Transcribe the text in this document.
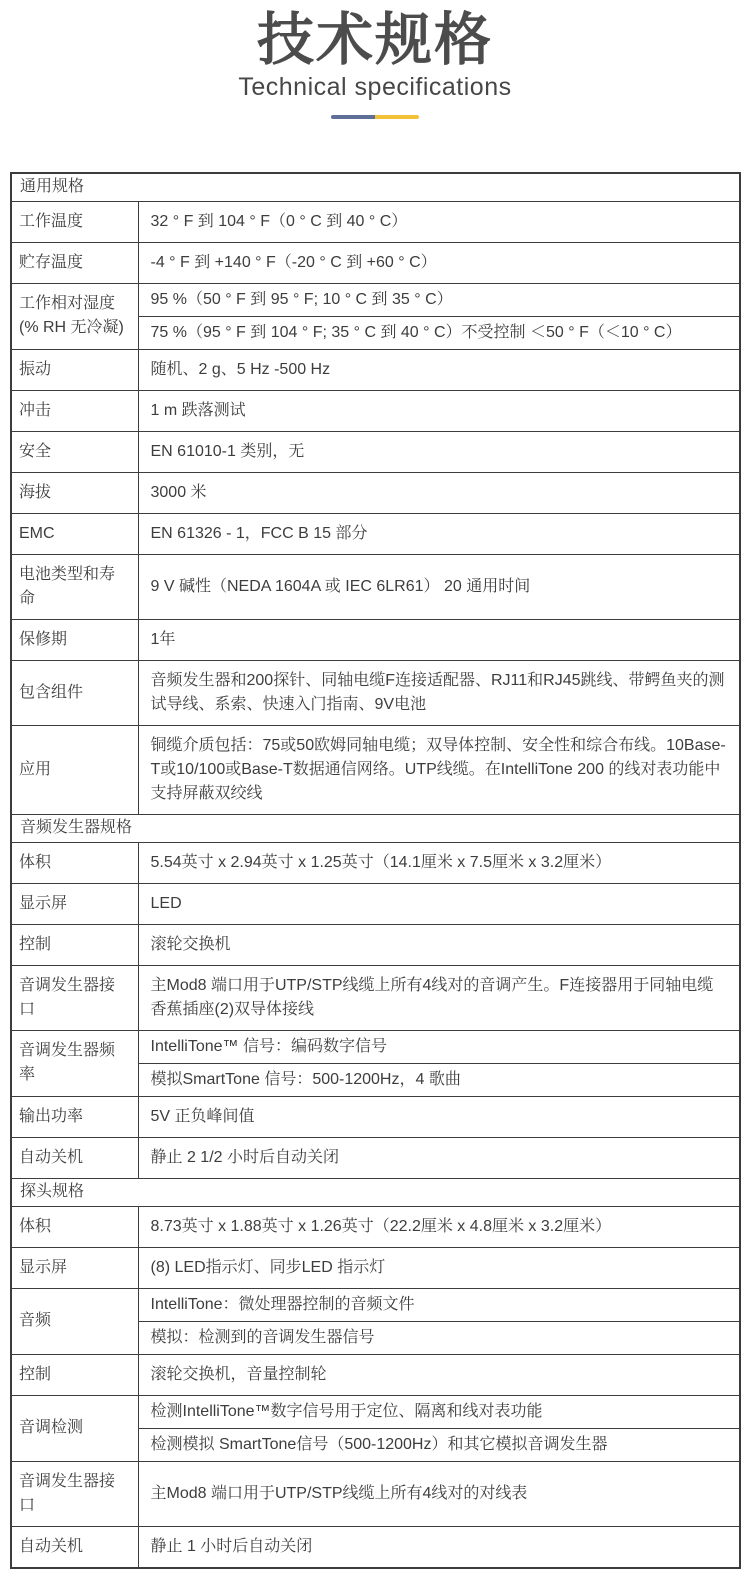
技术规格
Technical specifications
通用规格	
工作温度	32 ° F 到 104 ° F（0 ° C 到 40 ° C）
贮存温度	-4 ° F 到 +140 ° F（-20 ° C 到 +60 ° C）
工作相对湿度 (% RH 无冷凝)	95 %（50 ° F 到 95 ° F; 10 ° C 到 35 ° C）
	75 %（95 ° F 到 104 ° F; 35 ° C 到 40 ° C）不受控制 ＜50 ° F（＜10 ° C）
振动	随机、2 g、5 Hz -500 Hz
冲击	1 m 跌落测试
安全	EN 61010-1 类别，无
海拔	3000 米
EMC	EN 61326 - 1，FCC B 15 部分
电池类型和寿命	9 V 碱性（NEDA 1604A 或 IEC 6LR61） 20 通用时间
保修期	1年
包含组件	音频发生器和200探针、同轴电缆F连接适配器、RJ11和RJ45跳线、带鳄鱼夹的测试导线、系索、快速入门指南、9V电池
应用	铜缆介质包括：75或50欧姆同轴电缆；双导体控制、安全性和综合布线。10Base-T或10/100或Base-T数据通信网络。UTP线缆。在IntelliTone 200 的线对表功能中支持屏蔽双绞线
音频发生器规格	
体积	5.54英寸 x 2.94英寸 x 1.25英寸（14.1厘米 x 7.5厘米 x 3.2厘米）
显示屏	LED
控制	滚轮交换机
音调发生器接口	主Mod8 端口用于UTP/STP线缆上所有4线对的音调产生。F连接器用于同轴电缆香蕉插座(2)双导体接线
音调发生器频率	IntelliTone™ 信号：编码数字信号
	模拟SmartTone 信号：500-1200Hz，4 歌曲
输出功率	5V 正负峰间值
自动关机	静止 2 1/2 小时后自动关闭
探头规格	
体积	8.73英寸 x 1.88英寸 x 1.26英寸（22.2厘米 x 4.8厘米 x 3.2厘米）
显示屏	(8) LED指示灯、同步LED 指示灯
音频	IntelliTone：微处理器控制的音频文件
	模拟：检测到的音调发生器信号
控制	滚轮交换机，音量控制轮
音调检测	检测IntelliTone™数字信号用于定位、隔离和线对表功能
	检测模拟 SmartTone信号（500-1200Hz）和其它模拟音调发生器
音调发生器接口	主Mod8 端口用于UTP/STP线缆上所有4线对的对线表
自动关机	静止 1 小时后自动关闭
